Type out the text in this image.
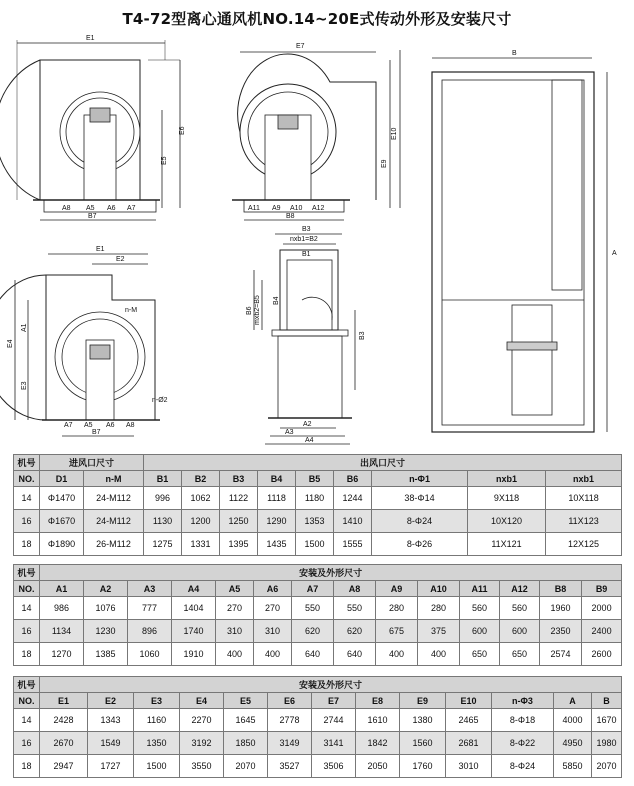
T4-72型离心通风机NO.14~20E式传动外形及安装尺寸
E1
E6
E5
A8 A5 A6 A7
B7
E7
E10
E9
A11 A9 A10 A12
B8
E1
E2
n-M
n-Ø2
A1
E4
E3
A7 A5 A6 A8
B7
B3
nxb1=B2
B1
B6 mxb2=B5 B4
B3
A2
A3
A4
B
A
机号	进风口尺寸		出风口尺寸								
NO.	D1	n-M	B1	B2	B3	B4	B5	B6	n-Φ1	nxb1	nxb1
14	Φ1470	24-M112	996	1062	1122	1118	1180	1244	38-Φ14	9X118	10X118
16	Φ1670	24-M112	1130	1200	1250	1290	1353	1410	8-Φ24	10X120	11X123
18	Φ1890	26-M112	1275	1331	1395	1435	1500	1555	8-Φ26	11X121	12X125
机号	安装及外形尺寸													
NO.	A1	A2	A3	A4	A5	A6	A7	A8	A9	A10	A11	A12	B8	B9
14	986	1076	777	1404	270	270	550	550	280	280	560	560	1960	2000
16	1134	1230	896	1740	310	310	620	620	675	375	600	600	2350	2400
18	1270	1385	1060	1910	400	400	640	640	400	400	650	650	2574	2600
机号	安装及外形尺寸												
NO.	E1	E2	E3	E4	E5	E6	E7	E8	E9	E10	n-Φ3	A	B
14	2428	1343	1160	2270	1645	2778	2744	1610	1380	2465	8-Φ18	4000	1670
16	2670	1549	1350	3192	1850	3149	3141	1842	1560	2681	8-Φ22	4950	1980
18	2947	1727	1500	3550	2070	3527	3506	2050	1760	3010	8-Φ24	5850	2070
